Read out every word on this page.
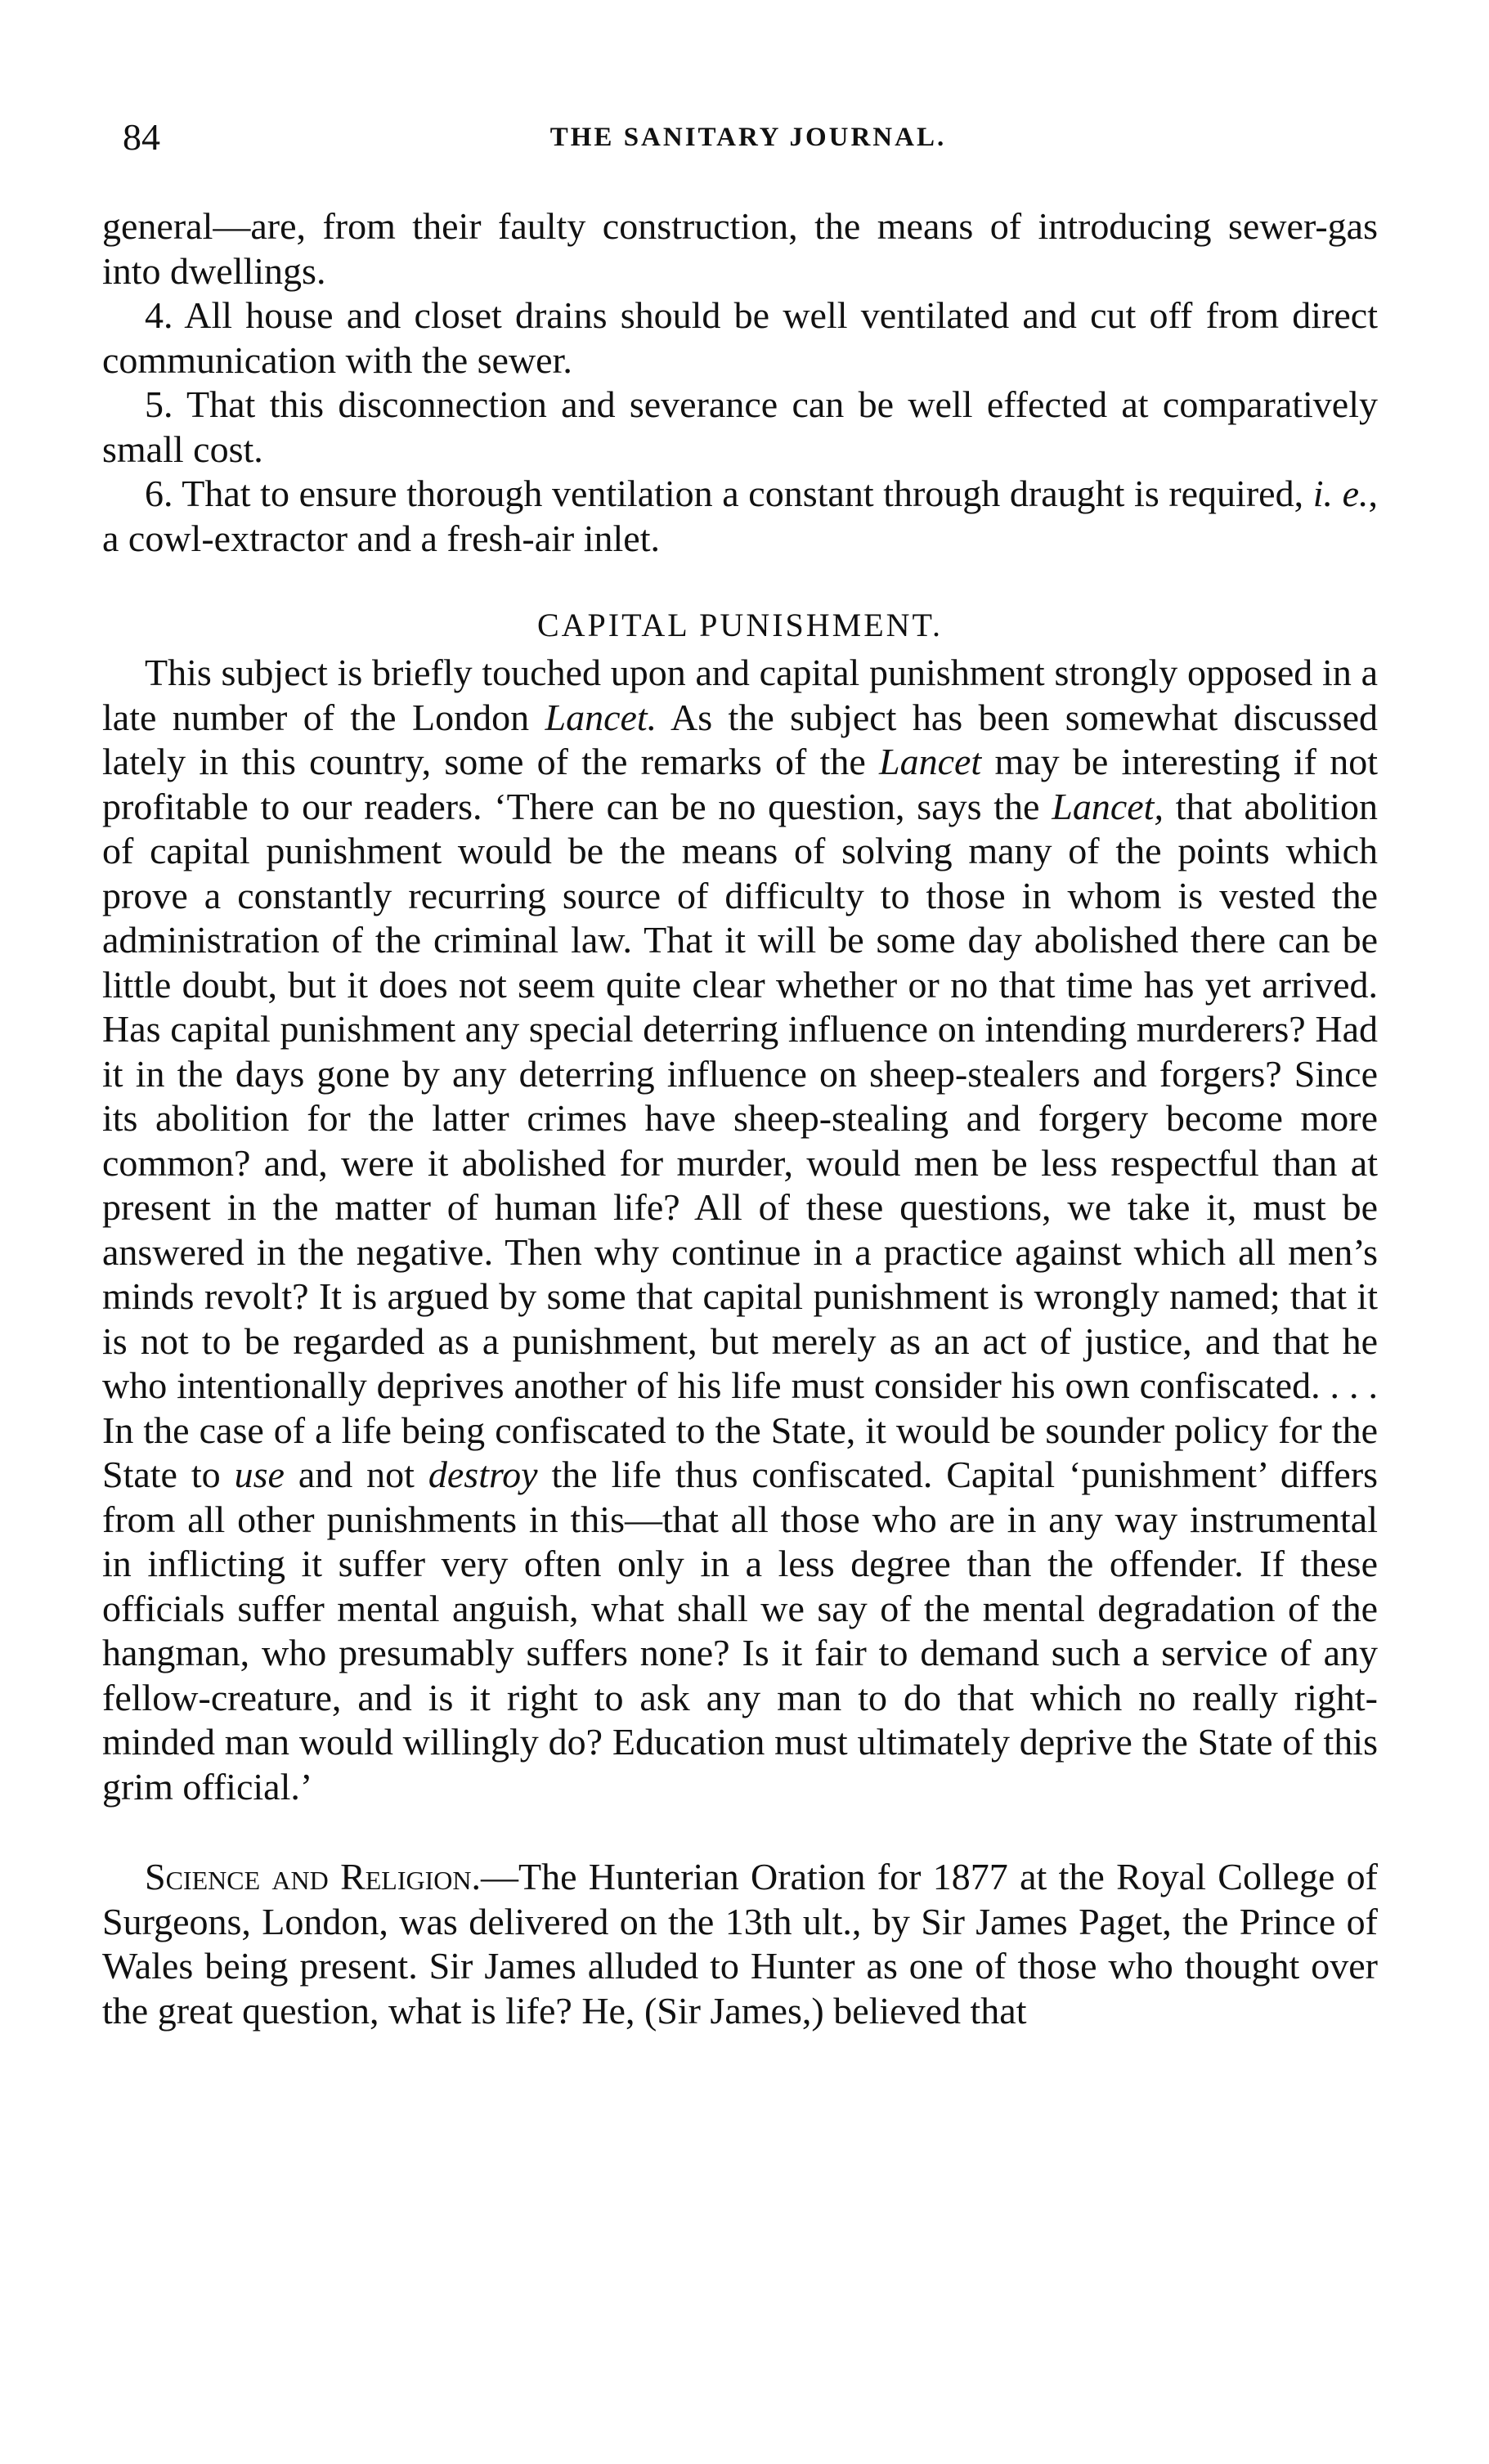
84	THE SANITARY JOURNAL.

general—are, from their faulty construction, the means of introducing sewer-gas into dwellings.

4. All house and closet drains should be well ventilated and cut off from direct communication with the sewer.

5. That this disconnection and severance can be well effected at comparatively small cost.

6. That to ensure thorough ventilation a constant through draught is required, i. e., a cowl-extractor and a fresh-air inlet.

CAPITAL PUNISHMENT.

This subject is briefly touched upon and capital punishment strongly opposed in a late number of the London Lancet. As the subject has been somewhat discussed lately in this country, some of the remarks of the Lancet may be interesting if not profitable to our readers. ‘There can be no question, says the Lancet, that abolition of capital punishment would be the means of solving many of the points which prove a constantly recurring source of difficulty to those in whom is vested the administration of the criminal law. That it will be some day abolished there can be little doubt, but it does not seem quite clear whether or no that time has yet arrived. Has capital punishment any special deterring influence on intending murderers? Had it in the days gone by any deterring influence on sheep-stealers and forgers? Since its abolition for the latter crimes have sheep-stealing and forgery become more common? and, were it abolished for murder, would men be less respectful than at present in the matter of human life? All of these questions, we take it, must be answered in the negative. Then why continue in a practice against which all men’s minds revolt? It is argued by some that capital punishment is wrongly named; that it is not to be regarded as a punishment, but merely as an act of justice, and that he who intentionally deprives another of his life must consider his own confiscated. . . . In the case of a life being confiscated to the State, it would be sounder policy for the State to use and not destroy the life thus confiscated. Capital ‘punishment’ differs from all other punishments in this—that all those who are in any way instrumental in inflicting it suffer very often only in a less degree than the offender. If these officials suffer mental anguish, what shall we say of the mental degradation of the hangman, who presumably suffers none? Is it fair to demand such a service of any fellow-creature, and is it right to ask any man to do that which no really right-minded man would willingly do? Education must ultimately deprive the State of this grim official.’

Science and Religion.—The Hunterian Oration for 1877 at the Royal College of Surgeons, London, was delivered on the 13th ult., by Sir James Paget, the Prince of Wales being present. Sir James alluded to Hunter as one of those who thought over the great question, what is life? He, (Sir James,) believed that
